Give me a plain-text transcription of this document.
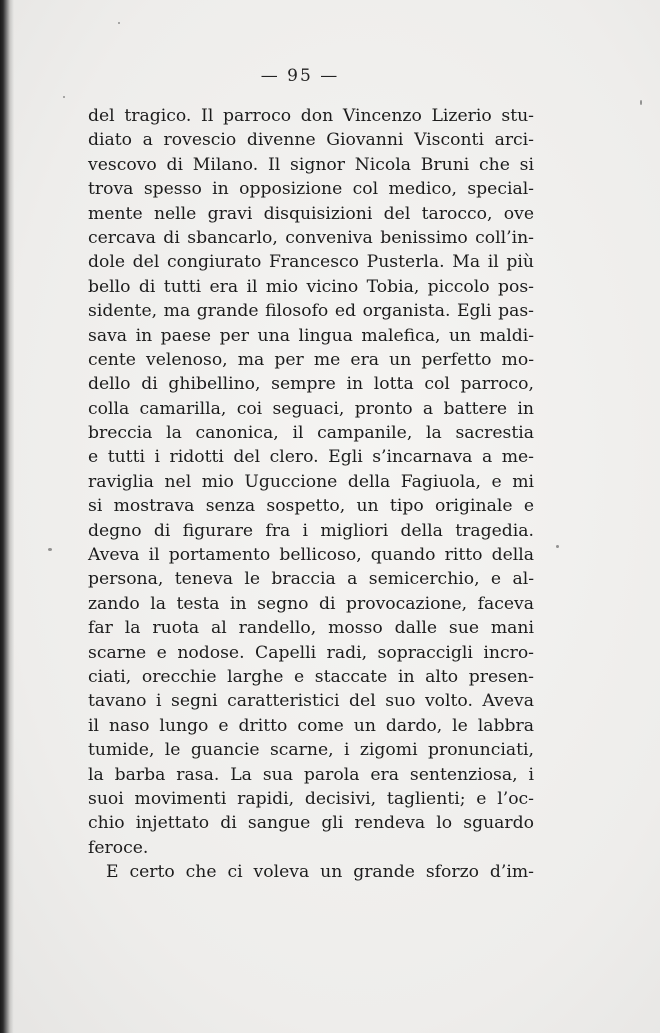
— 95 —
del tragico. Il parroco don Vincenzo Lizerio stu-
diato a rovescio divenne Giovanni Visconti arci-
vescovo di Milano. Il signor Nicola Bruni che si
trova spesso in opposizione col medico, special-
mente nelle gravi disquisizioni del tarocco, ove
cercava di sbancarlo, conveniva benissimo coll’in-
dole del congiurato Francesco Pusterla. Ma il più
bello di tutti era il mio vicino Tobia, piccolo pos-
sidente, ma grande filosofo ed organista. Egli pas-
sava in paese per una lingua malefica, un maldi-
cente velenoso, ma per me era un perfetto mo-
dello di ghibellino, sempre in lotta col parroco,
colla camarilla, coi seguaci, pronto a battere in
breccia la canonica, il campanile, la sacrestia
e tutti i ridotti del clero. Egli s’incarnava a me-
raviglia nel mio Uguccione della Fagiuola, e mi
si mostrava senza sospetto, un tipo originale e
degno di figurare fra i migliori della tragedia.
Aveva il portamento bellicoso, quando ritto della
persona, teneva le braccia a semicerchio, e al-
zando la testa in segno di provocazione, faceva
far la ruota al randello, mosso dalle sue mani
scarne e nodose. Capelli radi, sopraccigli incro-
ciati, orecchie larghe e staccate in alto presen-
tavano i segni caratteristici del suo volto. Aveva
il naso lungo e dritto come un dardo, le labbra
tumide, le guancie scarne, i zigomi pronunciati,
la barba rasa. La sua parola era sentenziosa, i
suoi movimenti rapidi, decisivi, taglienti; e l’oc-
chio injettato di sangue gli rendeva lo sguardo
feroce.
E certo che ci voleva un grande sforzo d’im-
